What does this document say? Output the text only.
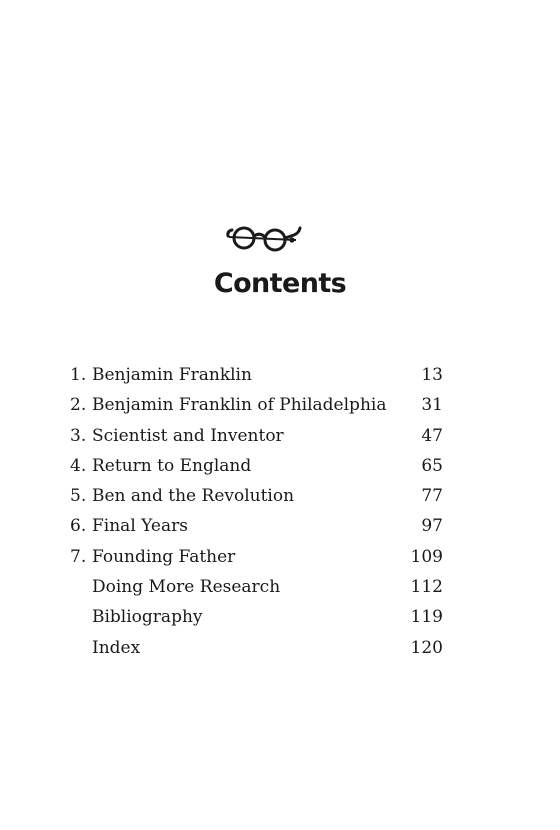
Contents
1. Benjamin Franklin	13
2. Benjamin Franklin of Philadelphia 31
3. Scientist and Inventor	47
4. Return to England	65
5. Ben and the Revolution	77
6. Final Years	97
7. Founding Father	109
Doing More Research	112
Bibliography	119
Index	120
